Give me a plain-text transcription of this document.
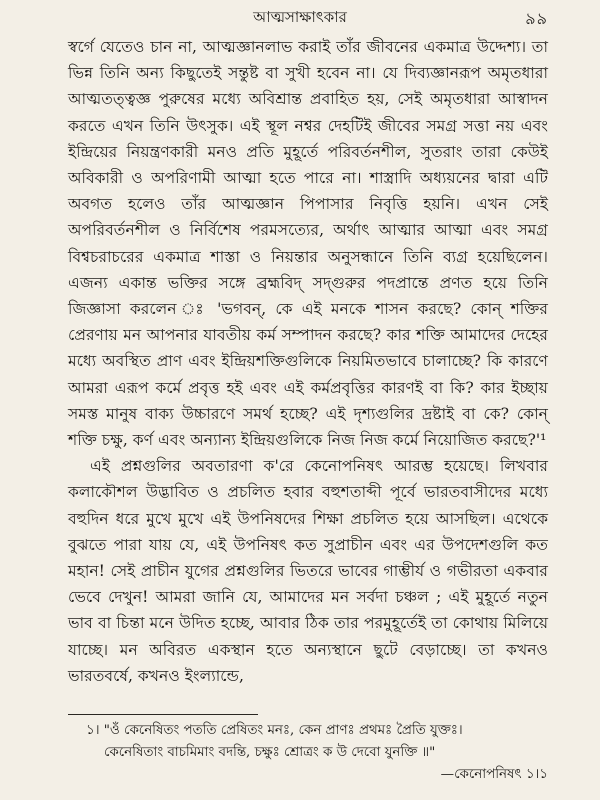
আত্মসাক্ষাৎকার	৯৯

স্বর্গে যেতেও চান না, আত্মজ্ঞানলাভ করাই তাঁর জীবনের একমাত্র উদ্দেশ্য। তা ভিন্ন তিনি অন্য কিছুতেই সন্তুষ্ট বা সুখী হবেন না। যে দিব্যজ্ঞানরূপ অমৃতধারা আত্মতত্ত্বজ্ঞ পুরুষের মধ্যে অবিশ্রান্ত প্রবাহিত হয়, সেই অমৃতধারা আস্বাদন করতে এখন তিনি উৎসুক। এই স্থূল নশ্বর দেহটিই জীবের সমগ্র সত্তা নয় এবং ইন্দ্রিয়ের নিয়ন্ত্রণকারী মনও প্রতি মুহূর্তে পরিবর্তনশীল, সুতরাং তারা কেউই অবিকারী ও অপরিণামী আত্মা হতে পারে না। শাস্ত্রাদি অধ্যয়নের দ্বারা এটি অবগত হলেও তাঁর আত্মজ্ঞান পিপাসার নিবৃত্তি হয়নি। এখন সেই অপরিবর্তনশীল ও নির্বিশেষ পরমসত্যের, অর্থাৎ আত্মার আত্মা এবং সমগ্র বিশ্বচরাচরের একমাত্র শাস্তা ও নিয়ন্তার অনুসন্ধানে তিনি ব্যগ্র হয়েছিলেন। এজন্য একান্ত ভক্তির সঙ্গে ব্রহ্মবিদ্ সদ্গুরুর পদপ্রান্তে প্রণত হয়ে তিনি জিজ্ঞাসা করলেন ঃ 'ভগবন্, কে এই মনকে শাসন করছে? কোন্ শক্তির প্রেরণায় মন আপনার যাবতীয় কর্ম সম্পাদন করছে? কার শক্তি আমাদের দেহের মধ্যে অবস্থিত প্রাণ এবং ইন্দ্রিয়শক্তিগুলিকে নিয়মিতভাবে চালাচ্ছে? কি কারণে আমরা এরূপ কর্মে প্রবৃত্ত হই এবং এই কর্মপ্রবৃত্তির কারণই বা কি? কার ইচ্ছায় সমস্ত মানুষ বাক্য উচ্চারণে সমর্থ হচ্ছে? এই দৃশ্যগুলির দ্রষ্টাই বা কে? কোন্ শক্তি চক্ষু, কর্ণ এবং অন্যান্য ইন্দ্রিয়গুলিকে নিজ নিজ কর্মে নিয়োজিত করছে?'¹

এই প্রশ্নগুলির অবতারণা ক'রে কেনোপনিষৎ আরম্ভ হয়েছে। লিখবার কলাকৌশল উদ্ভাবিত ও প্রচলিত হবার বহুশতাব্দী পূর্বে ভারতবাসীদের মধ্যে বহুদিন ধরে মুখে মুখে এই উপনিষদের শিক্ষা প্রচলিত হয়ে আসছিল। এথেকে বুঝতে পারা যায় যে, এই উপনিষৎ কত সুপ্রাচীন এবং এর উপদেশগুলি কত মহান! সেই প্রাচীন যুগের প্রশ্নগুলির ভিতরে ভাবের গাম্ভীর্য ও গভীরতা একবার ভেবে দেখুন! আমরা জানি যে, আমাদের মন সর্বদা চঞ্চল ; এই মুহূর্তে নতুন ভাব বা চিন্তা মনে উদিত হচ্ছে, আবার ঠিক তার পরমুহূর্তেই তা কোথায় মিলিয়ে যাচ্ছে। মন অবিরত একস্থান হতে অন্যস্থানে ছুটে বেড়াচ্ছে। তা কখনও ভারতবর্ষে, কখনও ইংল্যান্ডে,

১। "ওঁ কেনেষিতং পততি প্রেষিতং মনঃ, কেন প্রাণঃ প্রথমঃ প্রৈতি যুক্তঃ।
কেনেষিতাং বাচমিমাং বদন্তি, চক্ষুঃ শ্রোত্রং ক উ দেবো যুনক্তি ॥"
—কেনোপনিষৎ ১।১
